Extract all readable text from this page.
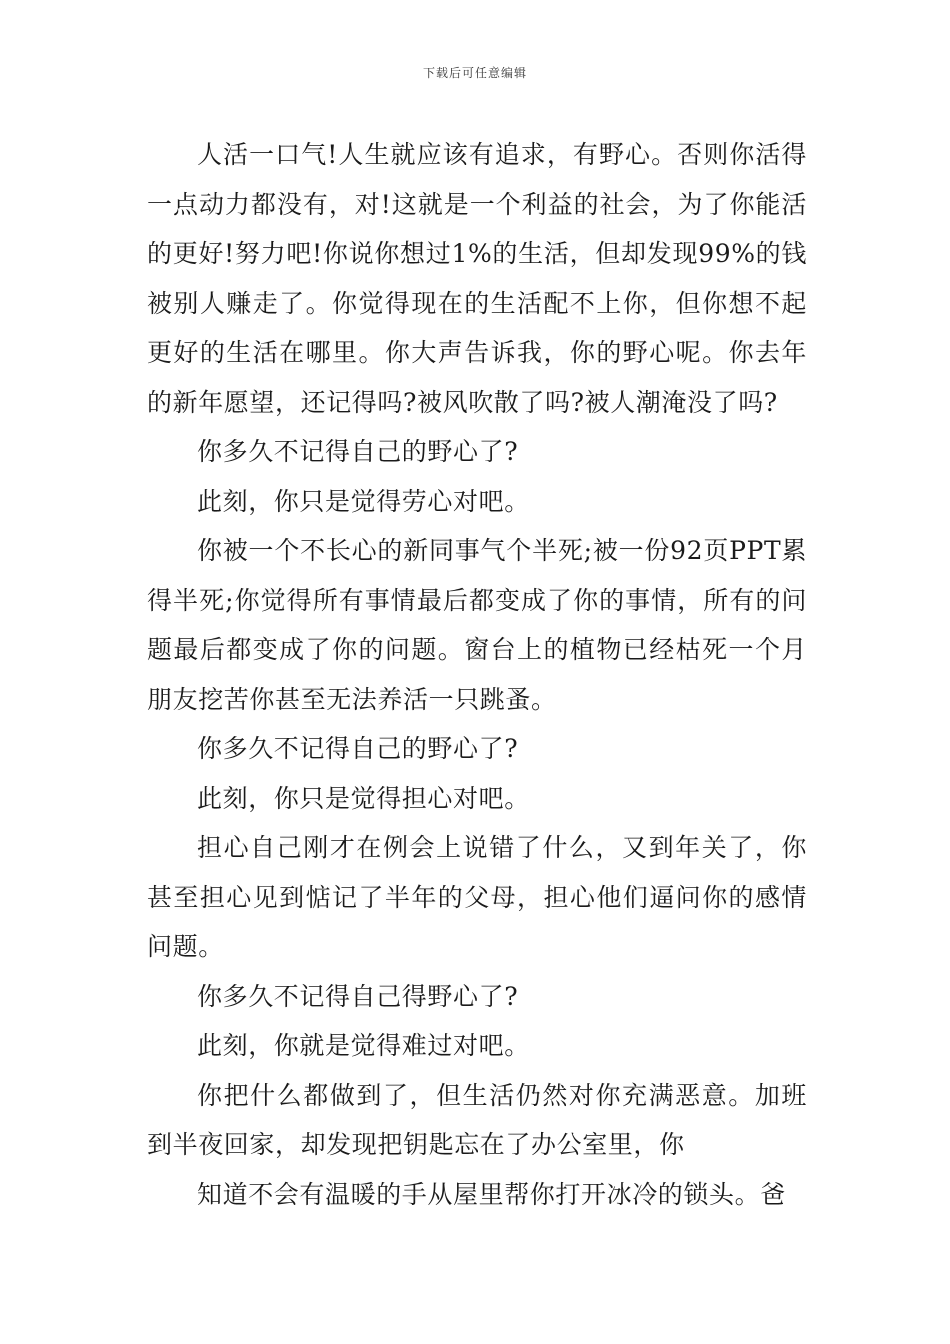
下载后可任意编辑

人活一口气!人生就应该有追求，有野心。否则你活得一点动力都没有，对!这就是一个利益的社会，为了你能活的更好!努力吧!你说你想过1%的生活，但却发现99%的钱被别人赚走了。你觉得现在的生活配不上你，但你想不起更好的生活在哪里。你大声告诉我，你的野心呢。你去年的新年愿望，还记得吗?被风吹散了吗?被人潮淹没了吗?

你多久不记得自己的野心了?

此刻，你只是觉得劳心对吧。

你被一个不长心的新同事气个半死;被一份92页PPT累得半死;你觉得所有事情最后都变成了你的事情，所有的问题最后都变成了你的问题。窗台上的植物已经枯死一个月朋友挖苦你甚至无法养活一只跳蚤。

你多久不记得自己的野心了?

此刻，你只是觉得担心对吧。

担心自己刚才在例会上说错了什么，又到年关了，你甚至担心见到惦记了半年的父母，担心他们逼问你的感情问题。

你多久不记得自己得野心了?

此刻，你就是觉得难过对吧。

你把什么都做到了，但生活仍然对你充满恶意。加班到半夜回家，却发现把钥匙忘在了办公室里，你

知道不会有温暖的手从屋里帮你打开冰冷的锁头。爸
